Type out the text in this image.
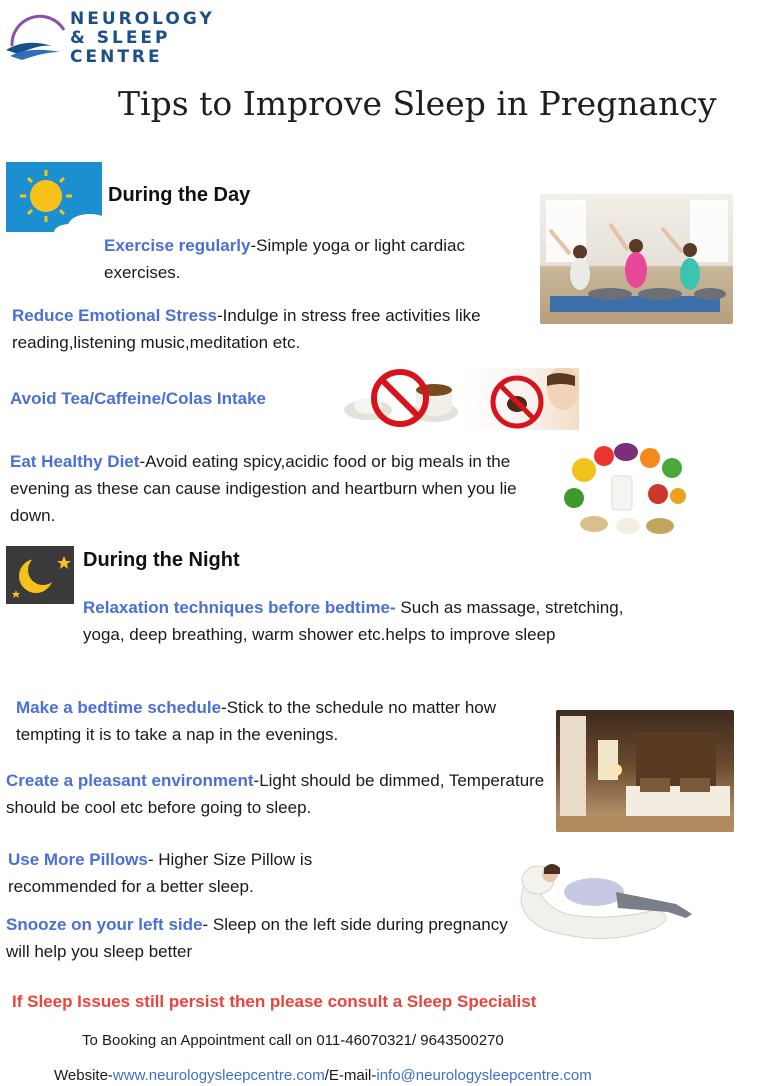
NEUROLOGY
& SLEEP
CENTRE
Tips to Improve Sleep in Pregnancy
During the Day
Exercise regularly-Simple yoga or light cardiac exercises.
Reduce Emotional Stress-Indulge in stress free activities like reading,listening music,meditation etc.
Avoid Tea/Caffeine/Colas Intake
Eat Healthy Diet-Avoid eating spicy,acidic food or big meals in the evening as these can cause indigestion and heartburn when you lie down.
During the Night
Relaxation techniques before bedtime- Such as massage, stretching, yoga, deep breathing, warm shower etc.helps to improve sleep
Make a bedtime schedule-Stick to the schedule no matter how tempting it is to take a nap in the evenings.
Create a pleasant environment-Light should be dimmed, Temperature should be cool etc before going to sleep.
Use More Pillows- Higher Size Pillow is recommended for a better sleep.
Snooze on your left side- Sleep on the left side during pregnancy will help you sleep better
If Sleep Issues still persist then please consult a Sleep Specialist
To Booking an Appointment call on 011-46070321/ 9643500270
Website-www.neurologysleepcentre.com/E-mail-info@neurologysleepcentre.com
